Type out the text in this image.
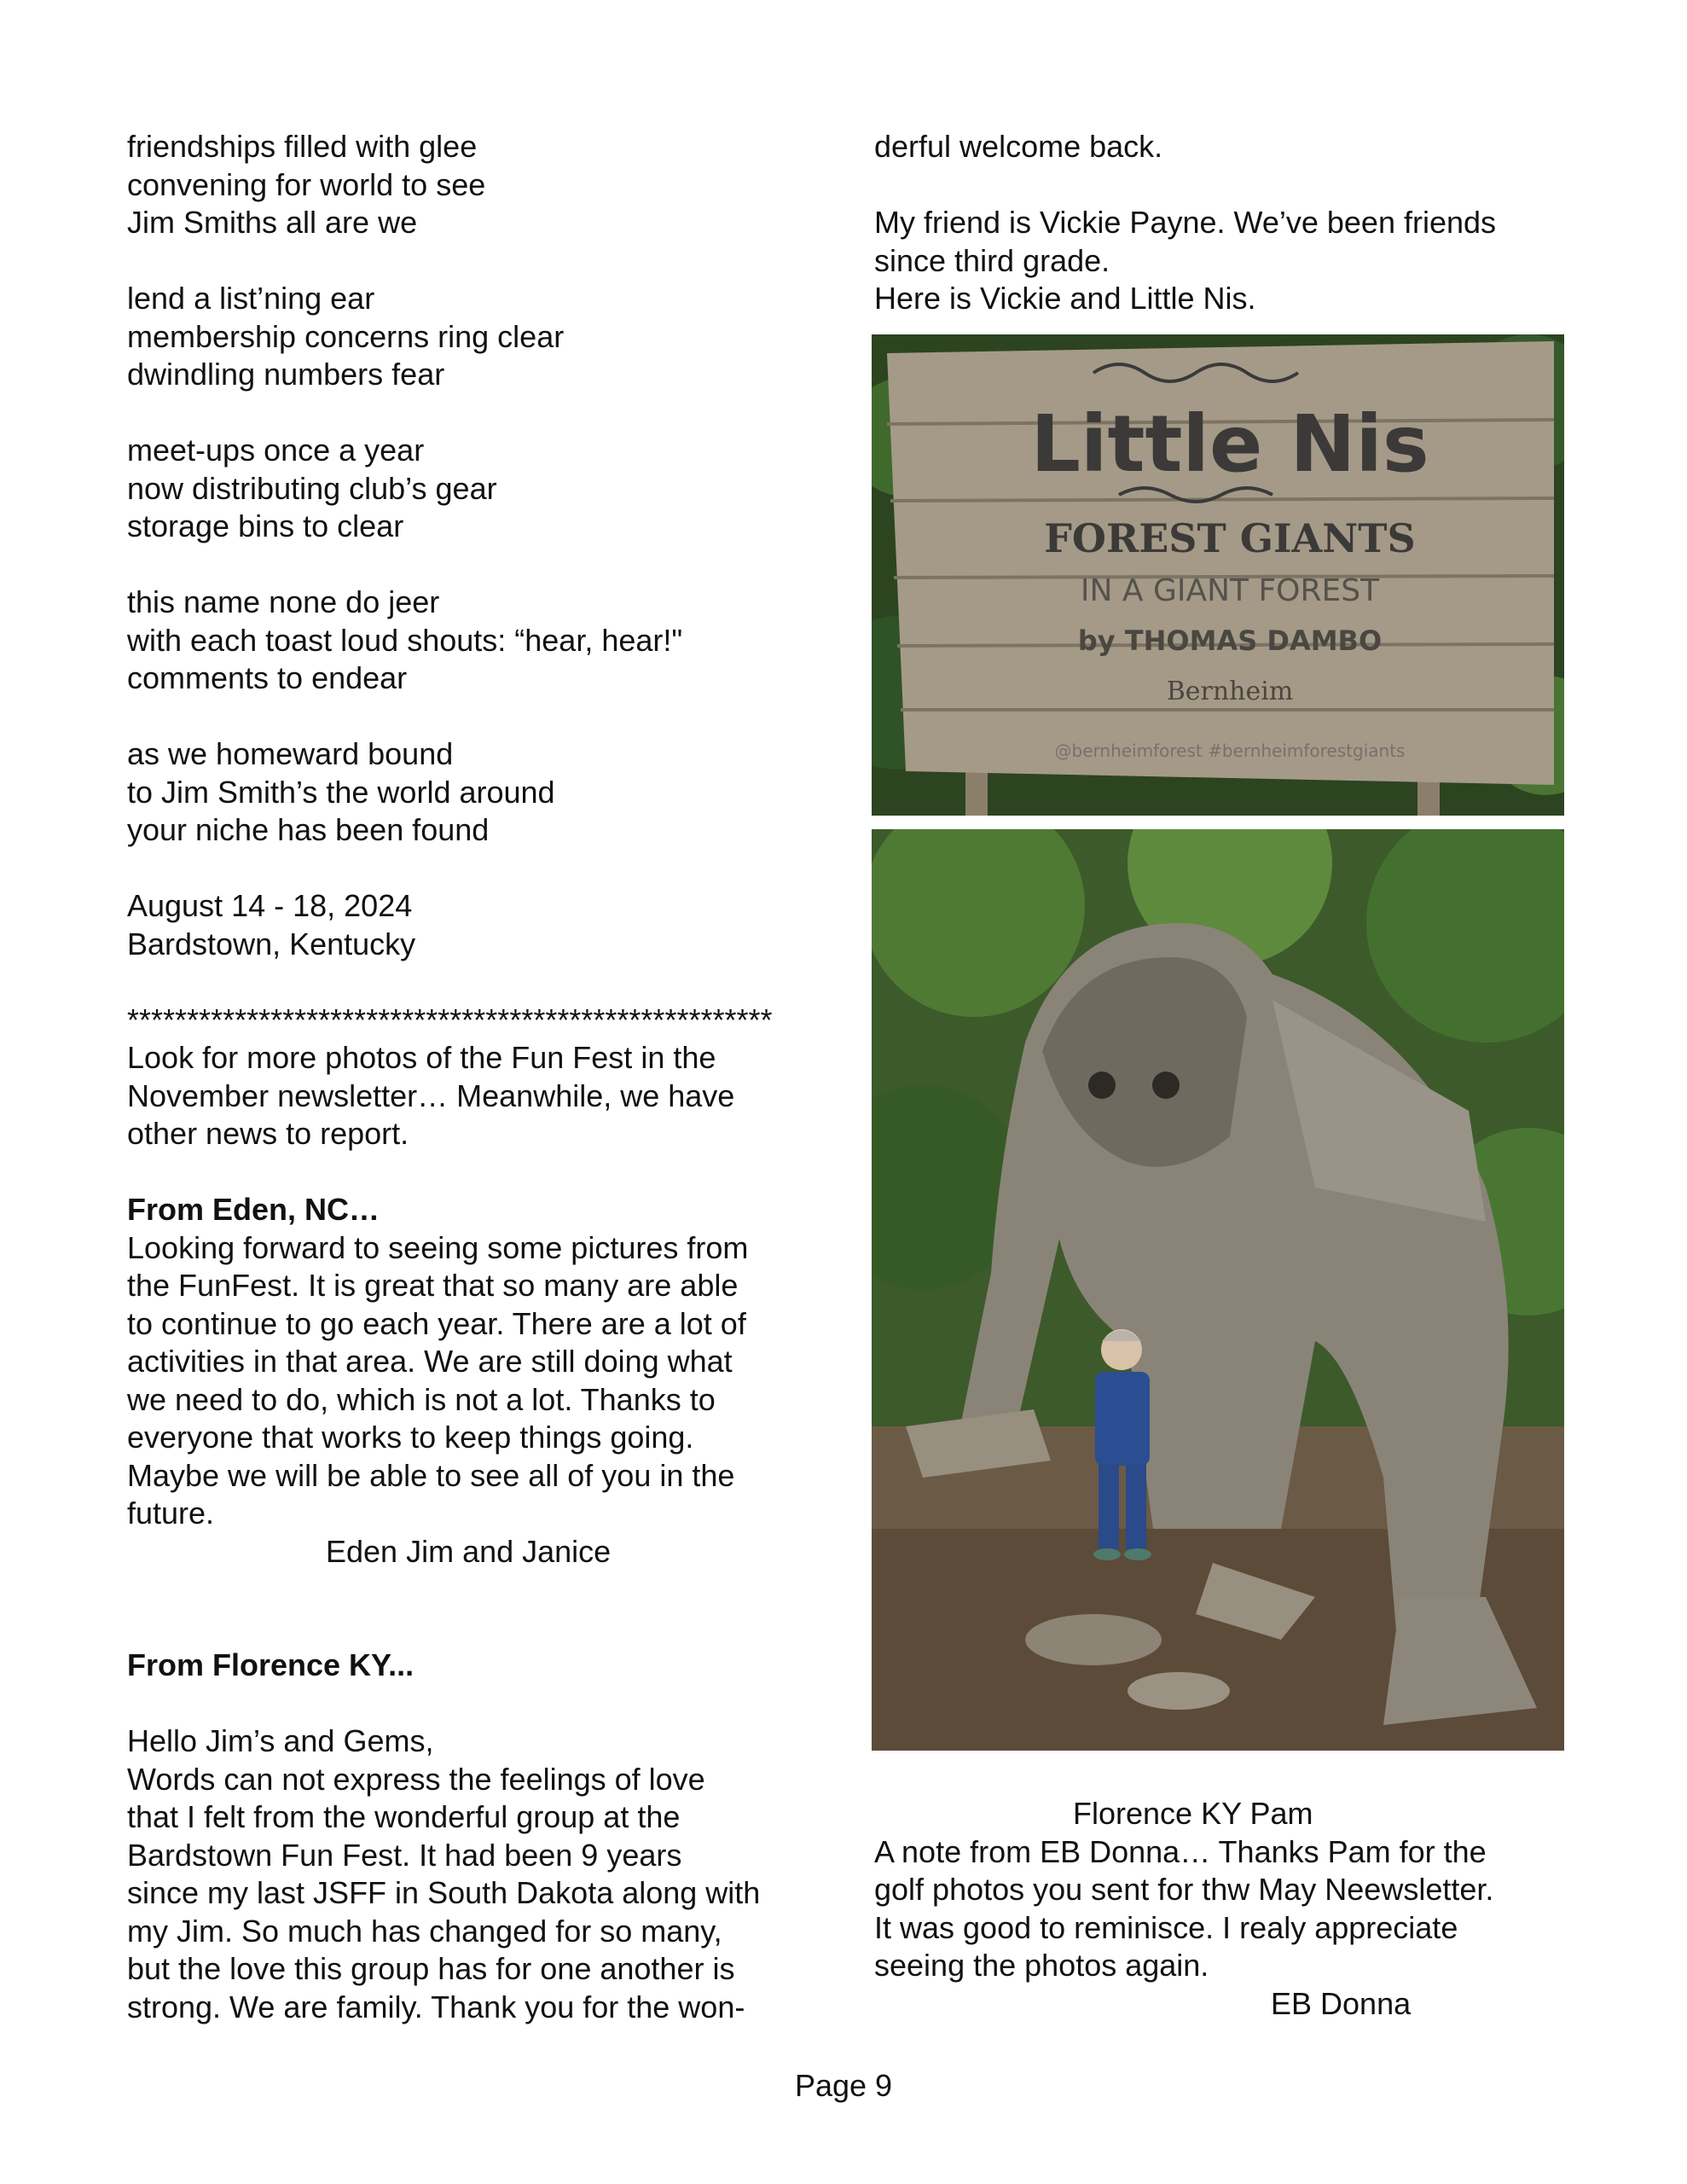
friendships filled with glee
convening for world to see
Jim Smiths all are we
lend a list’ning ear
membership concerns ring clear
dwindling numbers fear
meet-ups once a year
now distributing club’s gear
storage bins to clear
this name none do jeer
with each toast loud shouts: “hear, hear!"
comments to endear
as we homeward bound
to Jim Smith’s the world around
your niche has been found
August 14 - 18, 2024
Bardstown, Kentucky
******************************************************
Look for more photos of the Fun Fest in the
November newsletter… Meanwhile, we have
other news to report.
From Eden, NC…
Looking forward to seeing some pictures from
the FunFest. It is great that so many are able
to continue to go each year. There are a lot of
activities in that area. We are still doing what
we need to do, which is not a lot. Thanks to
everyone that works to keep things going.
Maybe we will be able to see all of you in the
future.
Eden Jim and Janice
From Florence KY...
Hello Jim’s and Gems,
Words can not express the feelings of love
that I felt from the wonderful group at the
Bardstown Fun Fest. It had been 9 years
since my last JSFF in South Dakota along with
my Jim. So much has changed for so many,
but the love this group has for one another is
strong. We are family. Thank you for the won-
derful welcome back.
My friend is Vickie Payne. We’ve been friends
since third grade.
Here is Vickie and Little Nis.
Little Nis
FOREST GIANTS
IN A GIANT FOREST
by THOMAS DAMBO
Bernheim
@bernheimforest #bernheimforestgiants
Florence KY Pam
A note from EB Donna… Thanks Pam for the
golf photos you sent for thw May Neewsletter.
It was good to reminisce. I realy appreciate
seeing the photos again.
EB Donna
Page 9
